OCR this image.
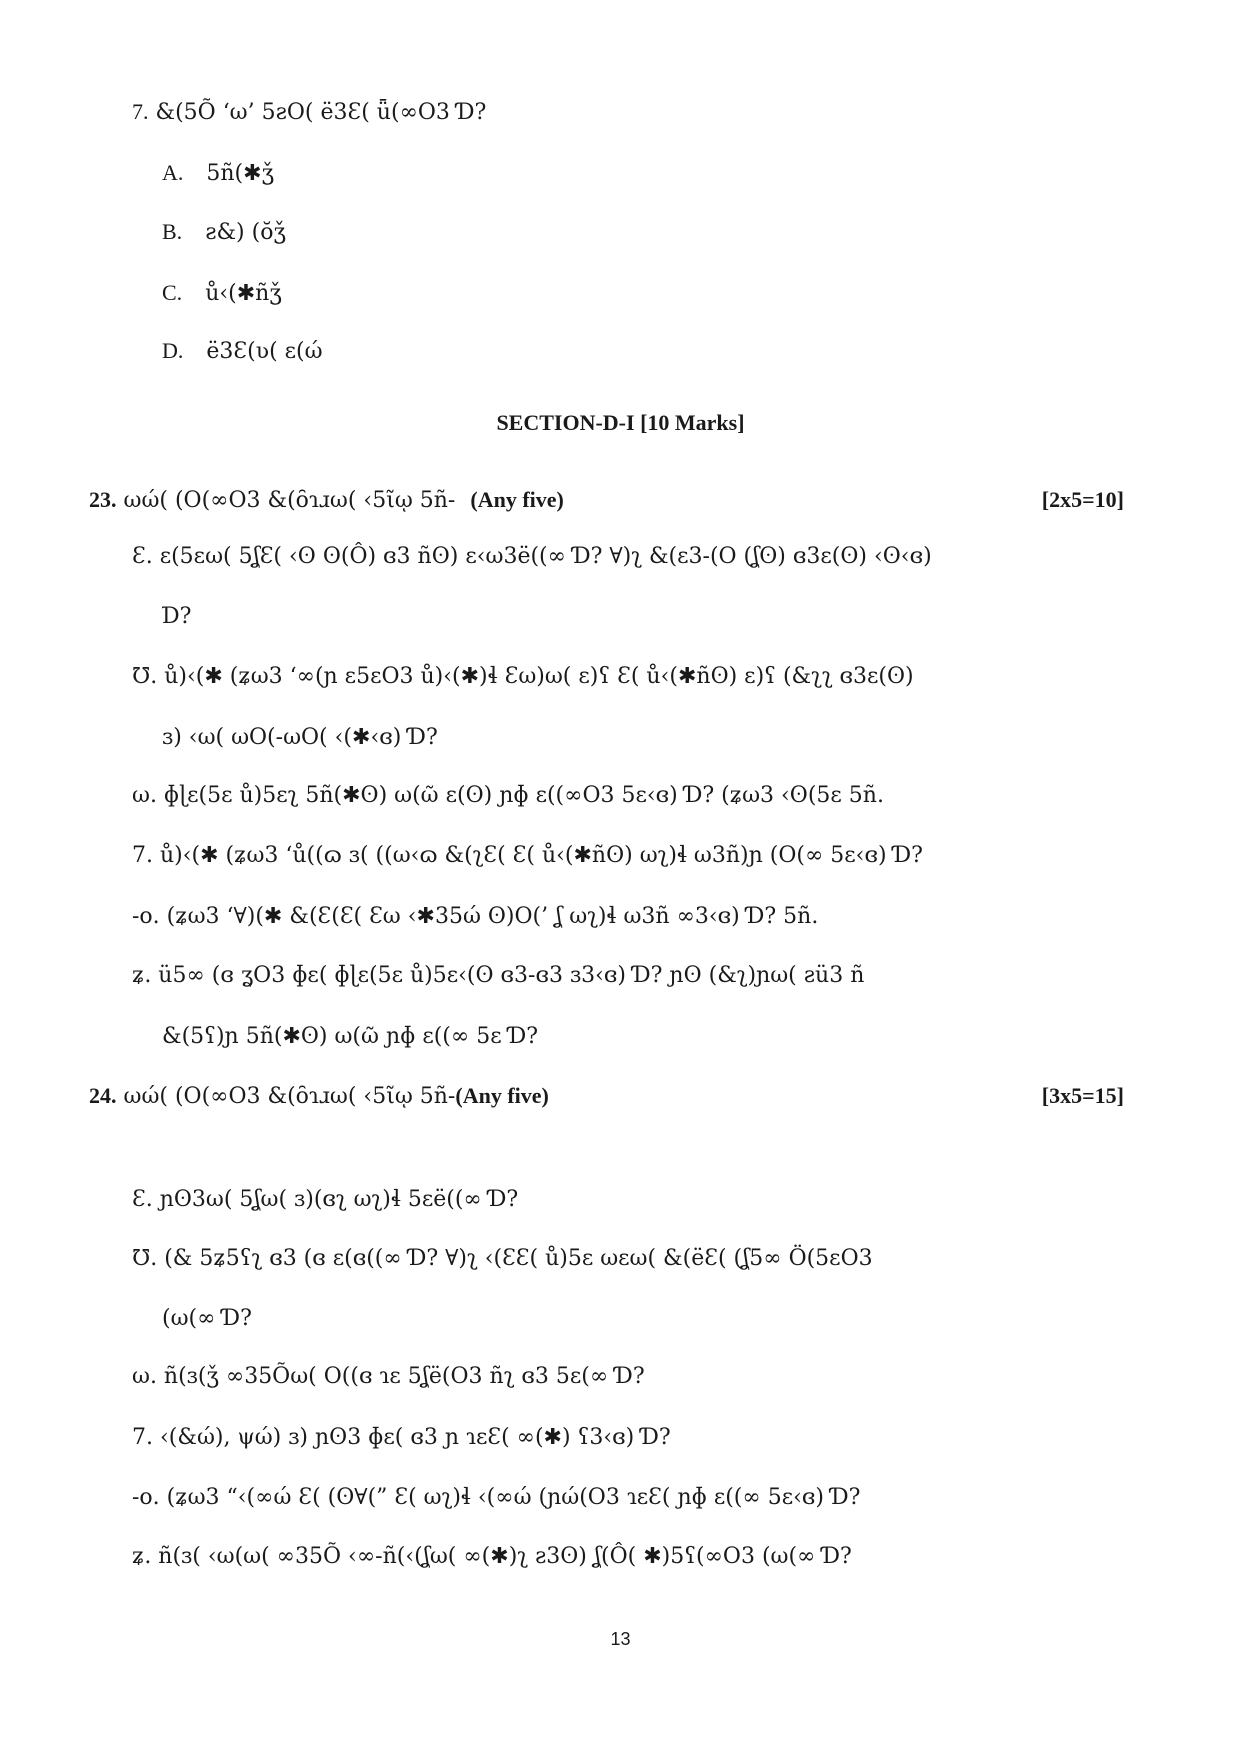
7. &(5Õ ‘ω’ 5ƨO( ë3Ɛ( ǖ(∞O3 Ɗ?
A. 5ñ(✱ǯ
B. ƨ&) (ŏǯ
C. ů‹(✱ñǯ
D. ë3Ɛ(ʋ( ɛ(ώ
SECTION-D-I [10 Marks]
23. ωώ( (O(∞O3 &(ȏɿɹω( ‹5ῖῳ 5ñ- (Any five)	[2x5=10]
Ɛ. ɛ(5ɛω( 5ʆƐ( ‹ʘ ʘ(Ô) ɞ3 ñʘ) ɛ‹ω3ë((∞ Ɗ? ∀)ʅ &(ɛ3-(O (ʆʘ) ɞ3ɛ(ʘ) ‹ʘ‹ɞ)
Ɗ?
℧. ů)‹(✱ (ʑω3 ‘∞(ɲ ɛ5ɛO3 ů)‹(✱)ɬ Ɛω)ω( ɛ)ʕ Ɛ( ů‹(✱ñʘ) ɛ)ʕ (&ʅʅ ɞ3ɛ(ʘ)
ɜ) ‹ω( ωO(-ωO( ‹(✱‹ɞ) Ɗ?
ω. ɸɭɛ(5ɛ ů)5ɛʅ 5ñ(✱ʘ) ω(ῶ ɛ(ʘ) ɲɸ ɛ((∞O3 5ɛ‹ɞ) Ɗ? (ʑω3 ‹ʘ(5ɛ 5ñ.
7. ů)‹(✱ (ʑω3 ‘ů((ɷ ɜ( ((ω‹ɷ &(ʅƐ( Ɛ( ů‹(✱ñʘ) ωʅ)ɬ ω3ñ)ɲ (O(∞ 5ɛ‹ɞ) Ɗ?
-ο. (ʑω3 ‘∀)(✱ &(Ɛ(Ɛ( Ɛω ‹✱35ώ ʘ)O(’ ʆ ωʅ)ɬ ω3ñ ∞3‹ɞ) Ɗ? 5ñ.
ʑ. ü5∞ (ɞ ʓO3 ɸɛ( ɸɭɛ(5ɛ ů)5ɛ‹(ʘ ɞ3-ɞ3 ɜ3‹ɞ) Ɗ? ɲʘ (&ʅ)ɲω( ƨü3 ñ
&(5ʕ)ɲ 5ñ(✱ʘ) ω(ῶ ɲɸ ɛ((∞ 5ɛ Ɗ?
24. ωώ( (O(∞O3 &(ȏɿɹω( ‹5ῖῳ 5ñ-(Any five)	[3x5=15]
Ɛ. ɲʘ3ω( 5ʆω( ɜ)(ɞʅ ωʅ)ɬ 5ɛë((∞ Ɗ?
℧. (& 5ʑ5ʕʅ ɞ3 (ɞ ɛ(ɞ((∞ Ɗ? ∀)ʅ ‹(ƐƐ( ů)5ɛ ωɛω( &(ëƐ( (ʆ5∞ Ö(5ɛO3
(ω(∞ Ɗ?
ω. ñ(ɜ(ǯ ∞35Õω( O((ɞ ɿɛ 5ʆë(O3 ñʅ ɞ3 5ɛ(∞ Ɗ?
7. ‹(&ώ), ψώ) ɜ) ɲʘ3 ɸɛ( ɞ3 ɲ ɿɛƐ( ∞(✱) ʕ3‹ɞ) Ɗ?
-ο. (ʑω3 “‹(∞ώ Ɛ( (ʘ∀(” Ɛ( ωʅ)ɬ ‹(∞ώ (ɲώ(O3 ɿɛƐ( ɲɸ ɛ((∞ 5ɛ‹ɞ) Ɗ?
ʑ. ñ(ɜ( ‹ω(ω( ∞35Õ ‹∞-ñ(‹(ʆω( ∞(✱)ʅ ƨ3ʘ) ʆ(Ô( ✱)5ʕ(∞O3 (ω(∞ Ɗ?
13
